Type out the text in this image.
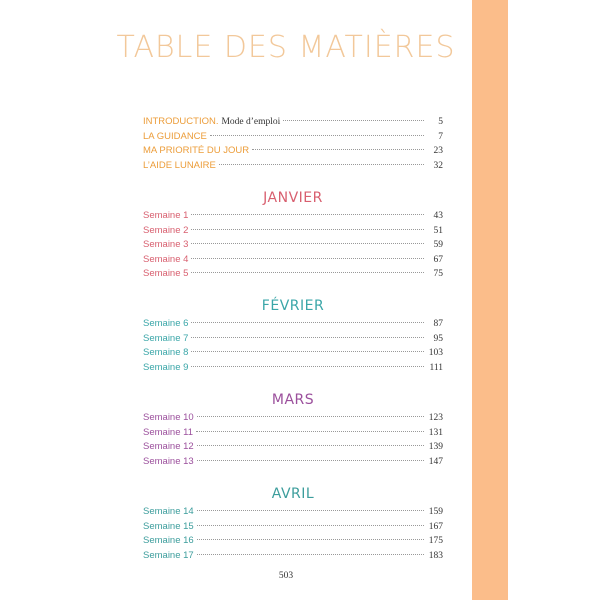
TABLE DES MATIÈRES
INTRODUCTION. Mode d’emploi	5
LA GUIDANCE	7
MA PRIORITÉ DU JOUR	23
L’AIDE LUNAIRE	32
JANVIER
Semaine 1	43
Semaine 2	51
Semaine 3	59
Semaine 4	67
Semaine 5	75
FÉVRIER
Semaine 6	87
Semaine 7	95
Semaine 8	103
Semaine 9	111
MARS
Semaine 10	123
Semaine 11	131
Semaine 12	139
Semaine 13	147
AVRIL
Semaine 14	159
Semaine 15	167
Semaine 16	175
Semaine 17	183
503
